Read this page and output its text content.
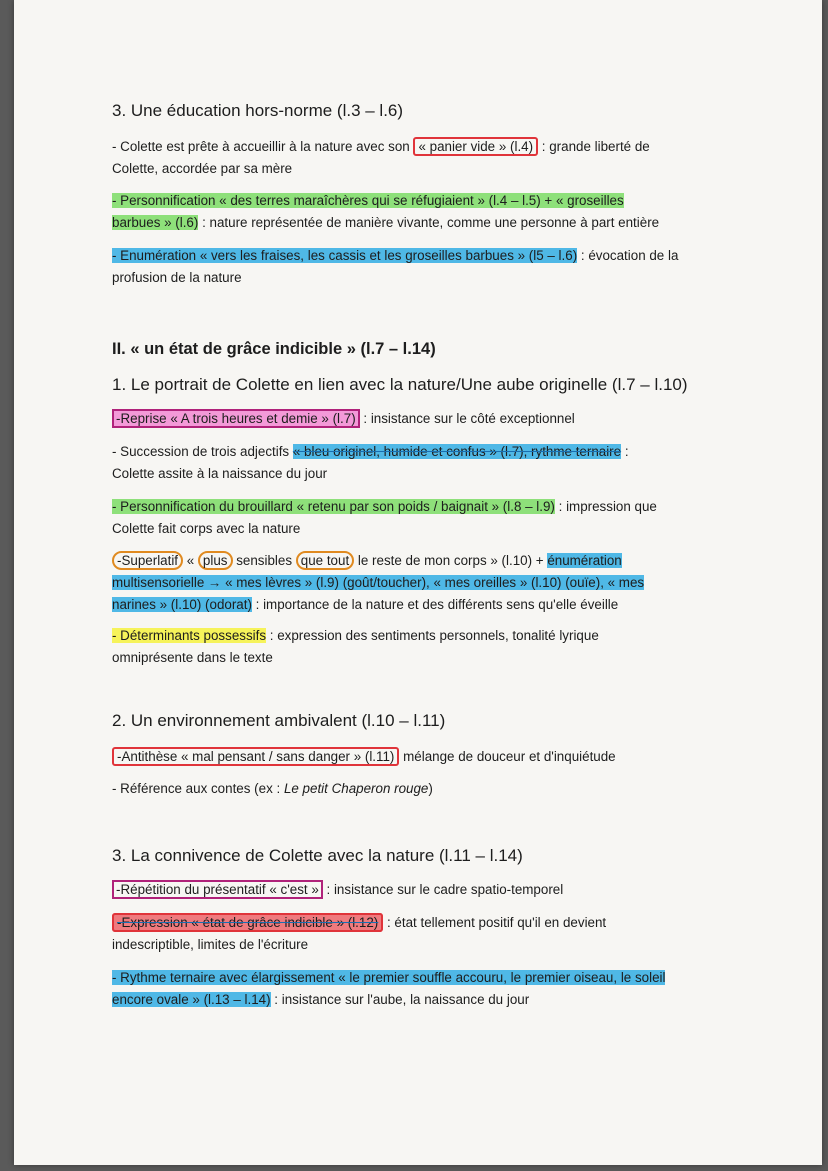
3. Une éducation hors-norme (l.3 – l.6)
- Colette est prête à accueillir à la nature avec son « panier vide » (l.4) : grande liberté de
Colette, accordée par sa mère
- Personnification « des terres maraîchères qui se réfugiaient » (l.4 – l.5) + « groseilles
barbues » (l.6) : nature représentée de manière vivante, comme une personne à part entière
- Enumération « vers les fraises, les cassis et les groseilles barbues » (l5 – l.6) : évocation de la
profusion de la nature
II. « un état de grâce indicible » (l.7 – l.14)
1. Le portrait de Colette en lien avec la nature/Une aube originelle (l.7 – l.10)
-Reprise « A trois heures et demie » (l.7) : insistance sur le côté exceptionnel
- Succession de trois adjectifs « bleu originel, humide et confus » (l.7), rythme ternaire :
Colette assite à la naissance du jour
- Personnification du brouillard « retenu par son poids / baignait » (l.8 – l.9) : impression que
Colette fait corps avec la nature
-Superlatif « plus sensibles que tout le reste de mon corps » (l.10) + énumération
multisensorielle → « mes lèvres » (l.9) (goût/toucher), « mes oreilles » (l.10) (ouïe), « mes
narines » (l.10) (odorat) : importance de la nature et des différents sens qu'elle éveille
- Déterminants possessifs : expression des sentiments personnels, tonalité lyrique
omniprésente dans le texte
2. Un environnement ambivalent (l.10 – l.11)
-Antithèse « mal pensant / sans danger » (l.11) mélange de douceur et d'inquiétude
- Référence aux contes (ex : Le petit Chaperon rouge)
3. La connivence de Colette avec la nature (l.11 – l.14)
-Répétition du présentatif « c'est » : insistance sur le cadre spatio-temporel
-Expression « état de grâce indicible » (l.12) : état tellement positif qu'il en devient
indescriptible, limites de l'écriture
- Rythme ternaire avec élargissement « le premier souffle accouru, le premier oiseau, le soleil
encore ovale » (l.13 – l.14) : insistance sur l'aube, la naissance du jour
